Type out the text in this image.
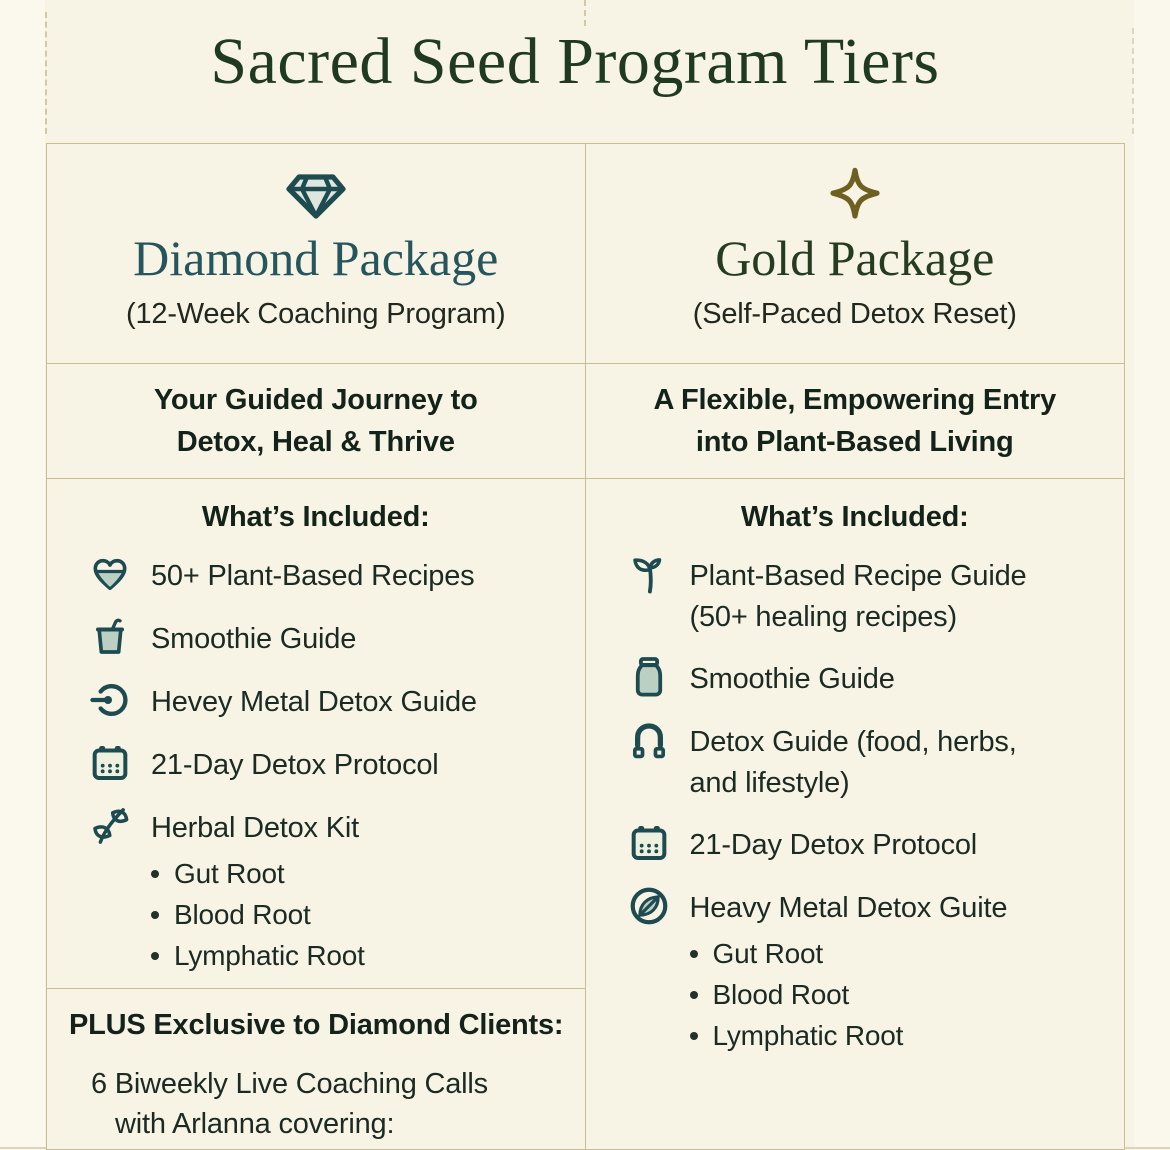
Sacred Seed Program Tiers
Diamond Package
(12-Week Coaching Program)
Your Guided Journey to
Detox, Heal & Thrive
What’s Included:
50+ Plant-Based Recipes
Smoothie Guide
Hevey Metal Detox Guide
21-Day Detox Protocol
Herbal Detox Kit
Gut Root
Blood Root
Lymphatic Root
PLUS Exclusive to Diamond Clients:
6 Biweekly Live Coaching Calls
with Arlanna covering:
Gold Package
(Self-Paced Detox Reset)
A Flexible, Empowering Entry
into Plant-Based Living
What’s Included:
Plant-Based Recipe Guide
(50+ healing recipes)
Smoothie Guide
Detox Guide (food, herbs,
and lifestyle)
21-Day Detox Protocol
Heavy Metal Detox Guite
Gut Root
Blood Root
Lymphatic Root
